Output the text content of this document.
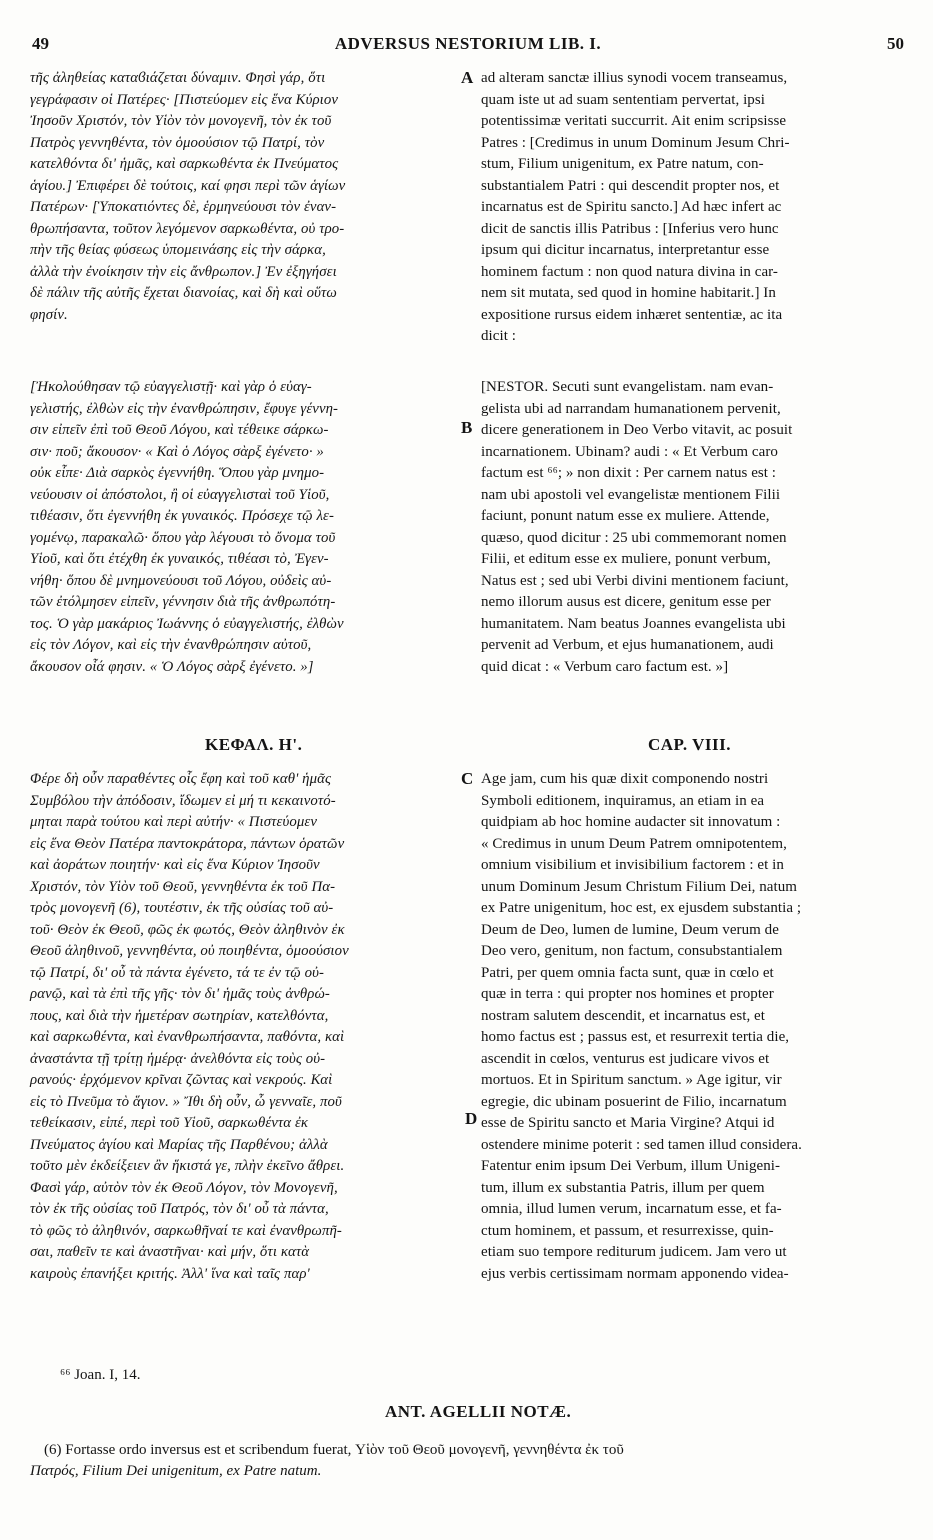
49	ADVERSUS NESTORIUM LIB. I.	50

τῆς ἀληθείας καταϐιάζεται δύναμιν. Φησὶ γάρ, ὅτι

γεγράφασιν οἱ Πατέρες· [Πιστεύομεν εἰς ἕνα Κύριον

Ἰησοῦν Χριστόν, τὸν Υἱὸν τὸν μονογενῆ, τὸν ἐκ τοῦ

Πατρὸς γεννηθέντα, τὸν ὁμοούσιον τῷ Πατρί, τὸν

κατελθόντα δι' ἡμᾶς, καὶ σαρκωθέντα ἐκ Πνεύματος

ἁγίου.] Ἐπιφέρει δὲ τούτοις, καί φησι περὶ τῶν ἁγίων

Πατέρων· [Ὑποκατιόντες δὲ, ἑρμηνεύουσι τὸν ἐναν-

θρωπήσαντα, τοῦτον λεγόμενον σαρκωθέντα, οὐ τρο-

πὴν τῆς θείας φύσεως ὑπομεινάσης εἰς τὴν σάρκα,

ἀλλὰ τὴν ἐνοίκησιν τὴν εἰς ἄνθρωπον.] Ἐν ἐξηγήσει

δὲ πάλιν τῆς αὐτῆς ἔχεται διανοίας, καὶ δὴ καὶ οὕτω

φησίν.

A ad alteram sanctæ illius synodi vocem transeamus,

quam iste ut ad suam sententiam pervertat, ipsi

potentissimæ veritati succurrit. Ait enim scripsisse

Patres : [Credimus in unum Dominum Jesum Chri-

stum, Filium unigenitum, ex Patre natum, con-

substantialem Patri : qui descendit propter nos, et

incarnatus est de Spiritu sancto.] Ad hæc infert ac

dicit de sanctis illis Patribus : [Inferius vero hunc

ipsum qui dicitur incarnatus, interpretantur esse

hominem factum : non quod natura divina in car-

nem sit mutata, sed quod in homine habitarit.] In

expositione rursus eidem inhæret sententiæ, ac ita

dicit :

[Ἠκολούθησαν τῷ εὐαγγελιστῇ· καὶ γὰρ ὁ εὐαγ-

γελιστής, ἐλθὼν εἰς τὴν ἐνανθρώπησιν, ἔφυγε γέννη-

σιν εἰπεῖν ἐπὶ τοῦ Θεοῦ Λόγου, καὶ τέθεικε σάρκω-

σιν· ποῦ; ἄκουσον· « Καὶ ὁ Λόγος σὰρξ ἐγένετο· »

οὐκ εἶπε· Διὰ σαρκὸς ἐγεννήθη. Ὅπου γὰρ μνημο-

νεύουσιν οἱ ἀπόστολοι, ἢ οἱ εὐαγγελισταὶ τοῦ Υἱοῦ,

τιθέασιν, ὅτι ἐγεννήθη ἐκ γυναικός. Πρόσεχε τῷ λε-

γομένῳ, παρακαλῶ· ὅπου γὰρ λέγουσι τὸ ὄνομα τοῦ

Υἱοῦ, καὶ ὅτι ἐτέχθη ἐκ γυναικός, τιθέασι τὸ, Ἐγεν-

νήθη· ὅπου δὲ μνημονεύουσι τοῦ Λόγου, οὐδεὶς αὐ-

τῶν ἐτόλμησεν εἰπεῖν, γέννησιν διὰ τῆς ἀνθρωπότη-

τος. Ὁ γὰρ μακάριος Ἰωάννης ὁ εὐαγγελιστής, ἐλθὼν

εἰς τὸν Λόγον, καὶ εἰς τὴν ἐνανθρώπησιν αὐτοῦ,

ἄκουσον οἷά φησιν. « Ὁ Λόγος σὰρξ ἐγένετο. »]

B

[NESTOR. Secuti sunt evangelistam. nam evan-

gelista ubi ad narrandam humanationem pervenit,

dicere generationem in Deo Verbo vitavit, ac posuit

incarnationem. Ubinam? audi : « Et Verbum caro

factum est ⁶⁶; » non dixit : Per carnem natus est :

nam ubi apostoli vel evangelistæ mentionem Filii

faciunt, ponunt natum esse ex muliere. Attende,

quæso, quod dicitur : 25 ubi commemorant nomen

Filii, et editum esse ex muliere, ponunt verbum,

Natus est ; sed ubi Verbi divini mentionem faciunt,

nemo illorum ausus est dicere, genitum esse per

humanitatem. Nam beatus Joannes evangelista ubi

pervenit ad Verbum, et ejus humanationem, audi

quid dicat : « Verbum caro factum est. »]

ΚΕΦΑΛ. Η'.	CAP. VIII.

Φέρε δὴ οὖν παραθέντες οἷς ἔφη καὶ τοῦ καθ' ἡμᾶς

Συμβόλου τὴν ἀπόδοσιν, ἴδωμεν εἰ μή τι κεκαινοτό-

μηται παρὰ τούτου καὶ περὶ αὐτήν· « Πιστεύομεν

εἰς ἕνα Θεὸν Πατέρα παντοκράτορα, πάντων ὁρατῶν

καὶ ἀοράτων ποιητήν· καὶ εἰς ἕνα Κύριον Ἰησοῦν

Χριστόν, τὸν Υἱὸν τοῦ Θεοῦ, γεννηθέντα ἐκ τοῦ Πα-

τρὸς μονογενῆ (6), τουτέστιν, ἐκ τῆς οὐσίας τοῦ αὐ-

τοῦ· Θεὸν ἐκ Θεοῦ, φῶς ἐκ φωτός, Θεὸν ἀληθινὸν ἐκ

Θεοῦ ἀληθινοῦ, γεννηθέντα, οὐ ποιηθέντα, ὁμοούσιον

τῷ Πατρί, δι' οὗ τὰ πάντα ἐγένετο, τά τε ἐν τῷ οὐ-

ρανῷ, καὶ τὰ ἐπὶ τῆς γῆς· τὸν δι' ἡμᾶς τοὺς ἀνθρώ-

πους, καὶ διὰ τὴν ἡμετέραν σωτηρίαν, κατελθόντα,

καὶ σαρκωθέντα, καὶ ἐνανθρωπήσαντα, παθόντα, καὶ

ἀναστάντα τῇ τρίτῃ ἡμέρᾳ· ἀνελθόντα εἰς τοὺς οὐ-

ρανούς· ἐρχόμενον κρῖναι ζῶντας καὶ νεκρούς. Καὶ

εἰς τὸ Πνεῦμα τὸ ἅγιον. » Ἴθι δὴ οὖν, ὦ γενναῖε, ποῦ

τεθείκασιν, εἰπέ, περὶ τοῦ Υἱοῦ, σαρκωθέντα ἐκ

Πνεύματος ἁγίου καὶ Μαρίας τῆς Παρθένου; ἀλλὰ

τοῦτο μὲν ἐκδείξειεν ἂν ἥκιστά γε, πλὴν ἐκεῖνο ἄθρει.

Φασὶ γάρ, αὐτὸν τὸν ἐκ Θεοῦ Λόγον, τὸν Μονογενῆ,

τὸν ἐκ τῆς οὐσίας τοῦ Πατρός, τὸν δι' οὗ τὰ πάντα,

τὸ φῶς τὸ ἀληθινόν, σαρκωθῆναί τε καὶ ἐνανθρωπῆ-

σαι, παθεῖν τε καὶ ἀναστῆναι· καὶ μήν, ὅτι κατὰ

καιροὺς ἐπανήξει κριτής. Ἀλλ' ἵνα καὶ ταῖς παρ'

C
D

Age jam, cum his quæ dixit componendo nostri

Symboli editionem, inquiramus, an etiam in ea

quidpiam ab hoc homine audacter sit innovatum :

« Credimus in unum Deum Patrem omnipotentem,

omnium visibilium et invisibilium factorem : et in

unum Dominum Jesum Christum Filium Dei, natum

ex Patre unigenitum, hoc est, ex ejusdem substantia ;

Deum de Deo, lumen de lumine, Deum verum de

Deo vero, genitum, non factum, consubstantialem

Patri, per quem omnia facta sunt, quæ in cœlo et

quæ in terra : qui propter nos homines et propter

nostram salutem descendit, et incarnatus est, et

homo factus est ; passus est, et resurrexit tertia die,

ascendit in cœlos, venturus est judicare vivos et

mortuos. Et in Spiritum sanctum. » Age igitur, vir

egregie, dic ubinam posuerint de Filio, incarnatum

esse de Spiritu sancto et Maria Virgine? Atqui id

ostendere minime poterit : sed tamen illud considera.

Fatentur enim ipsum Dei Verbum, illum Unigeni-

tum, illum ex substantia Patris, illum per quem

omnia, illud lumen verum, incarnatum esse, et fa-

ctum hominem, et passum, et resurrexisse, quin-

etiam suo tempore rediturum judicem. Jam vero ut

ejus verbis certissimam normam apponendo videa-

⁶⁶ Joan. I, 14.

ANT. AGELLII NOTÆ.

(6) Fortasse ordo inversus est et scribendum fuerat, Υἱὸν τοῦ Θεοῦ μονογενῆ, γεννηθέντα ἐκ τοῦ

Πατρός, Filium Dei unigenitum, ex Patre natum.
